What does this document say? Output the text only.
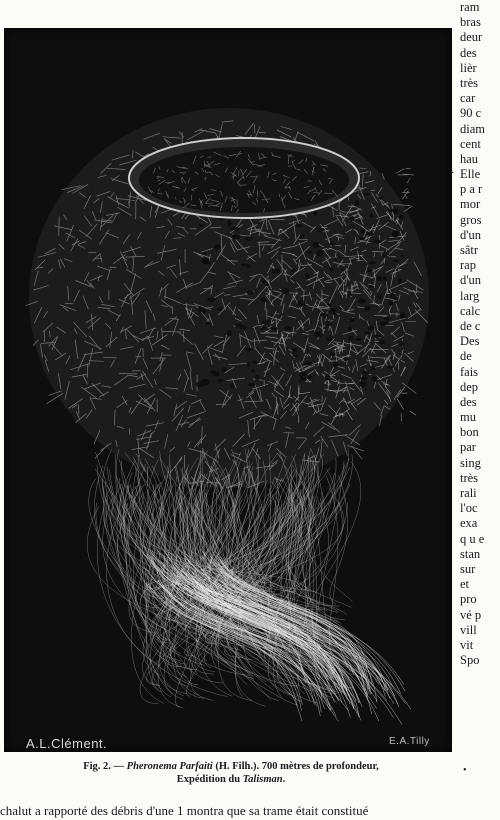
A.L.Clément.	E.A.Tilly
Fig. 2. — Pheronema Parfaiti (H. Filh.). 700 mètres de profondeur,
Expédition du Talisman.
ram
bras
deur
des
lièr
très
car
90 c
diam
cent
hau
Elle
p a r
mor
gros
d'un
sâtr
rap
d'un
larg
calc
de c
Des
de
fais
dep
des
mu
bon
par
sing
très
rali
l'oc
exa
q u e
stan
sur
et
pro
vé p
vill
vit
Spo
·
•
chalut a rapporté des débris d'une 1 montra que sa trame était constitué
